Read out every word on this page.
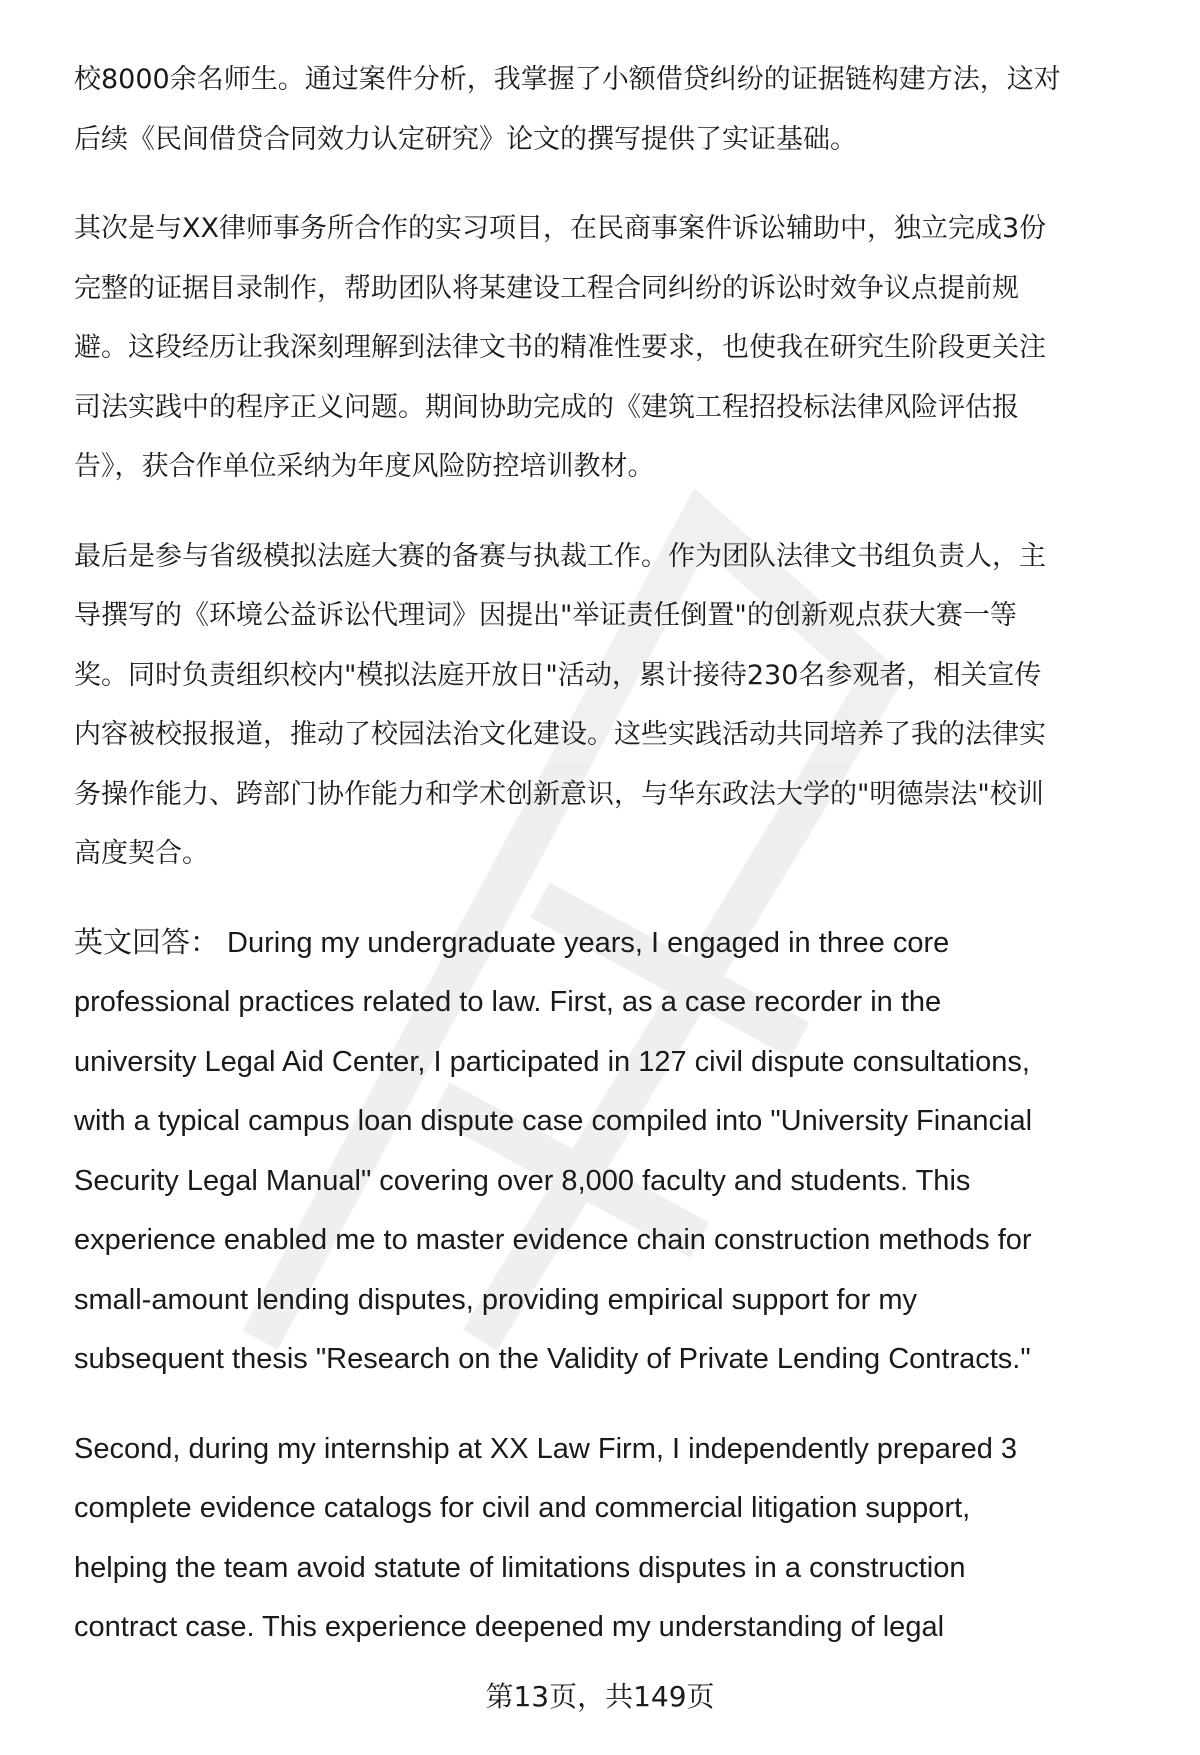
校8000余名师生。通过案件分析，我掌握了小额借贷纠纷的证据链构建方法，这对
后续《民间借贷合同效力认定研究》论文的撰写提供了实证基础。
其次是与XX律师事务所合作的实习项目，在民商事案件诉讼辅助中，独立完成3份
完整的证据目录制作，帮助团队将某建设工程合同纠纷的诉讼时效争议点提前规
避。这段经历让我深刻理解到法律文书的精准性要求，也使我在研究生阶段更关注
司法实践中的程序正义问题。期间协助完成的《建筑工程招投标法律风险评估报
告》，获合作单位采纳为年度风险防控培训教材。
最后是参与省级模拟法庭大赛的备赛与执裁工作。作为团队法律文书组负责人，主
导撰写的《环境公益诉讼代理词》因提出"举证责任倒置"的创新观点获大赛一等
奖。同时负责组织校内"模拟法庭开放日"活动，累计接待230名参观者，相关宣传
内容被校报报道，推动了校园法治文化建设。这些实践活动共同培养了我的法律实
务操作能力、跨部门协作能力和学术创新意识，与华东政法大学的"明德崇法"校训
高度契合。
英文回答： During my undergraduate years, I engaged in three core
professional practices related to law. First, as a case recorder in the
university Legal Aid Center, I participated in 127 civil dispute consultations,
with a typical campus loan dispute case compiled into "University Financial
Security Legal Manual" covering over 8,000 faculty and students. This
experience enabled me to master evidence chain construction methods for
small-amount lending disputes, providing empirical support for my
subsequent thesis "Research on the Validity of Private Lending Contracts."
Second, during my internship at XX Law Firm, I independently prepared 3
complete evidence catalogs for civil and commercial litigation support,
helping the team avoid statute of limitations disputes in a construction
contract case. This experience deepened my understanding of legal
第13页，共149页
